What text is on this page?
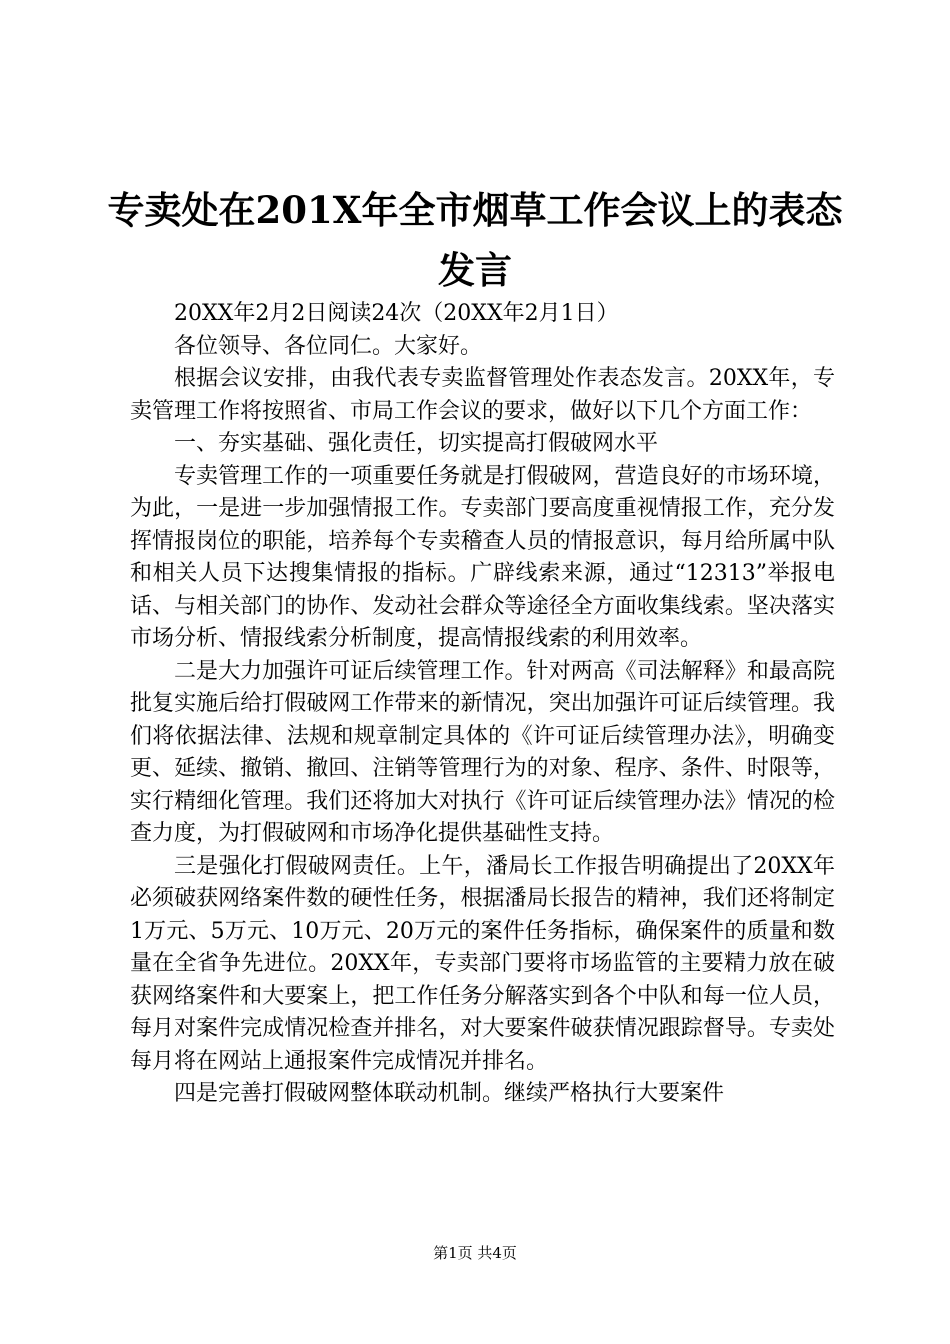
专卖处在201X年全市烟草工作会议上的表态
发言

20XX年2月2日阅读24次（20XX年2月1日）

各位领导、各位同仁。大家好。

根据会议安排，由我代表专卖监督管理处作表态发言。20XX年，专卖管理工作将按照省、市局工作会议的要求，做好以下几个方面工作：

一、夯实基础、强化责任，切实提高打假破网水平

专卖管理工作的一项重要任务就是打假破网，营造良好的市场环境，为此，一是进一步加强情报工作。专卖部门要高度重视情报工作，充分发挥情报岗位的职能，培养每个专卖稽查人员的情报意识，每月给所属中队和相关人员下达搜集情报的指标。广辟线索来源，通过“12313”举报电话、与相关部门的协作、发动社会群众等途径全方面收集线索。坚决落实市场分析、情报线索分析制度，提高情报线索的利用效率。

二是大力加强许可证后续管理工作。针对两高《司法解释》和最高院批复实施后给打假破网工作带来的新情况，突出加强许可证后续管理。我们将依据法律、法规和规章制定具体的《许可证后续管理办法》，明确变更、延续、撤销、撤回、注销等管理行为的对象、程序、条件、时限等，实行精细化管理。我们还将加大对执行《许可证后续管理办法》情况的检查力度，为打假破网和市场净化提供基础性支持。

三是强化打假破网责任。上午，潘局长工作报告明确提出了20XX年必须破获网络案件数的硬性任务，根据潘局长报告的精神，我们还将制定1万元、5万元、10万元、20万元的案件任务指标，确保案件的质量和数量在全省争先进位。20XX年，专卖部门要将市场监管的主要精力放在破获网络案件和大要案上，把工作任务分解落实到各个中队和每一位人员，每月对案件完成情况检查并排名，对大要案件破获情况跟踪督导。专卖处每月将在网站上通报案件完成情况并排名。

四是完善打假破网整体联动机制。继续严格执行大要案件

第1页 共4页
